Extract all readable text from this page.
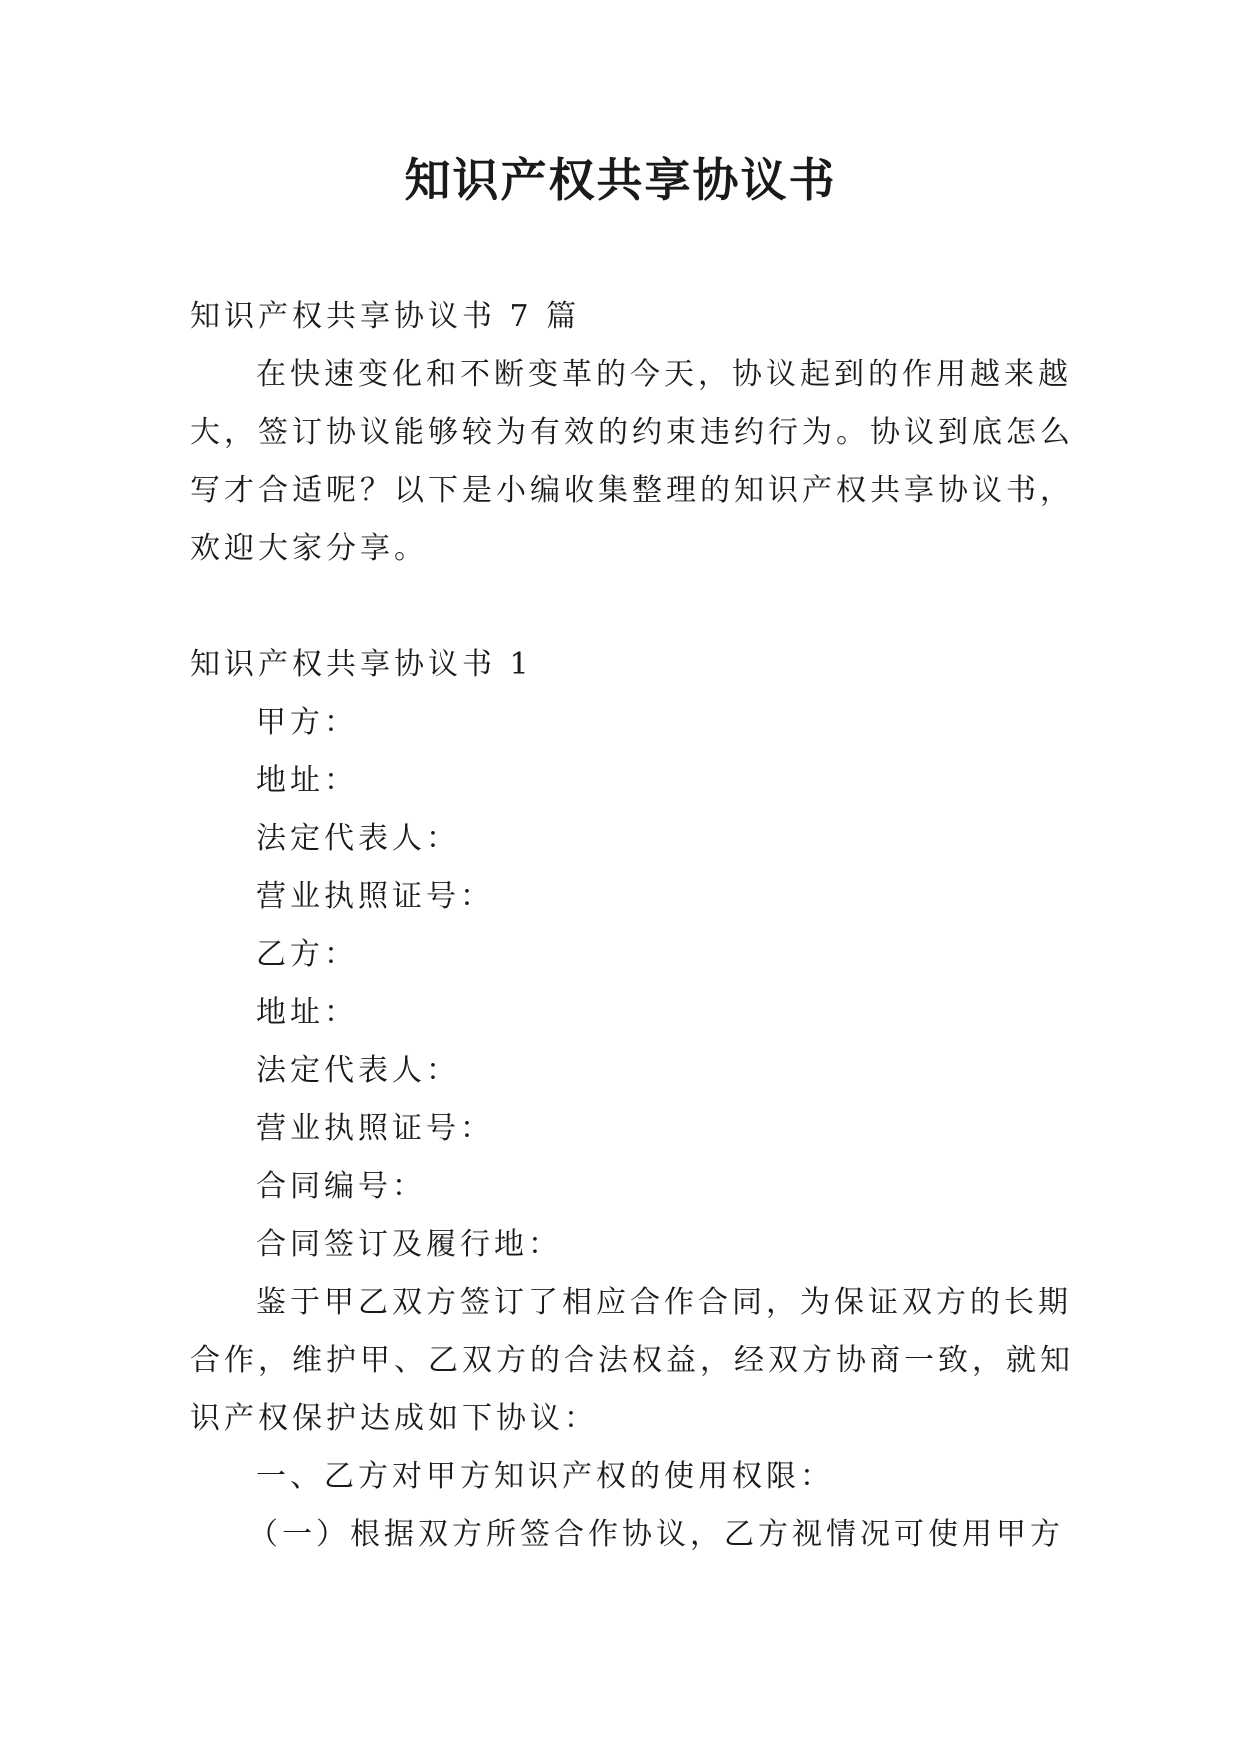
知识产权共享协议书
知识产权共享协议书 7 篇
在快速变化和不断变革的今天，协议起到的作用越来越
大，签订协议能够较为有效的约束违约行为。协议到底怎么
写才合适呢？以下是小编收集整理的知识产权共享协议书，
欢迎大家分享。
知识产权共享协议书 1
甲方：
地址：
法定代表人：
营业执照证号：
乙方：
地址：
法定代表人：
营业执照证号：
合同编号：
合同签订及履行地：
鉴于甲乙双方签订了相应合作合同，为保证双方的长期
合作，维护甲、乙双方的合法权益，经双方协商一致，就知
识产权保护达成如下协议：
一、乙方对甲方知识产权的使用权限：
（一）根据双方所签合作协议，乙方视情况可使用甲方
